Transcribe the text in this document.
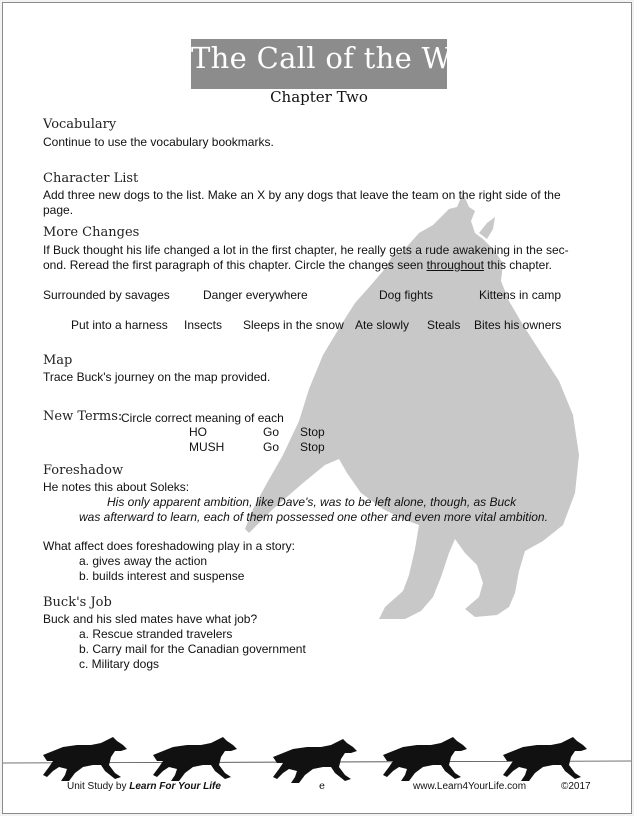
The Call of the Wild
Chapter Two
Vocabulary
Continue to use the vocabulary bookmarks.
Character List
Add three new dogs to the list. Make an X by any dogs that leave the team on the right side of the
page.
More Changes
If Buck thought his life changed a lot in the first chapter, he really gets a rude awakening in the sec-
ond. Reread the first paragraph of this chapter. Circle the changes seen throughout this chapter.
Surrounded by savages	Danger everywhere	Dog fights	Kittens in camp
Put into a harness Insects Sleeps in the snow Ate slowly Steals Bites his owners
Map
Trace Buck's journey on the map provided.
New Terms:
Circle correct meaning of each
HO	Go Stop
MUSH	Go Stop
Foreshadow
He notes this about Soleks:
His only apparent ambition, like Dave's, was to be left alone, though, as Buck
was afterward to learn, each of them possessed one other and even more vital ambition.
What affect does foreshadowing play in a story:
a. gives away the action
b. builds interest and suspense
Buck's Job
Buck and his sled mates have what job?
a. Rescue stranded travelers
b. Carry mail for the Canadian government
c. Military dogs
Unit Study by Learn For Your Life	e	www.Learn4YourLife.com	©2017
